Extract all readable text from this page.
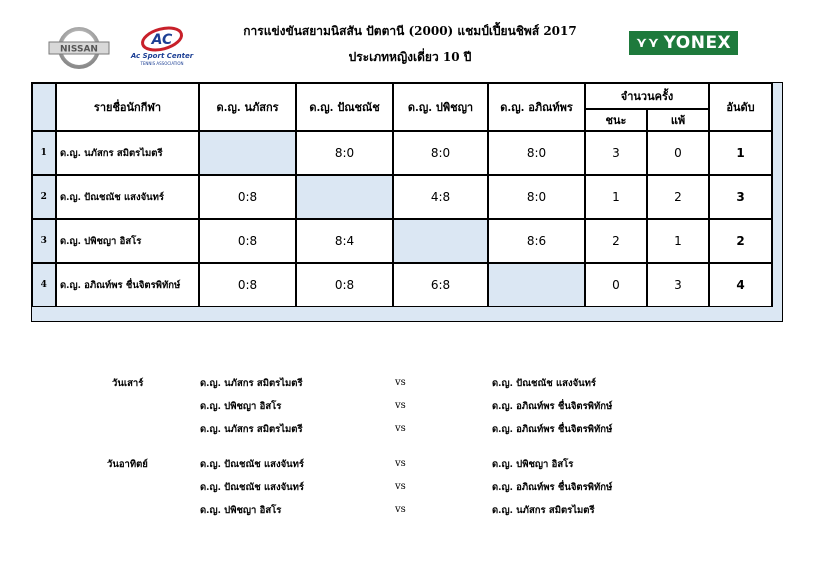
NISSAN
AC
Ac Sport Center
TENNIS ASSOCIATION
⋎⋎ YONEX
การแข่งขันสยามนิสสัน ปัตตานี (2000) แชมป์เปี้ยนชิพส์ 2017
ประเภทหญิงเดี่ยว 10 ปี
	รายชื่อนักกีฬา	ด.ญ. นภัสกร	ด.ญ. ปัณชณัช	ด.ญ. ปพิชญา	ด.ญ. อภิณท์พร	จำนวนครั้ง		อันดับ
						ชนะ	แพ้	
1	ด.ญ. นภัสกร สมิตรไมตรี		8:0	8:0	8:0	3	0	1
2	ด.ญ. ปัณชณัช แสงจันทร์	0:8		4:8	8:0	1	2	3
3	ด.ญ. ปพิชญา อิสโร	0:8	8:4		8:6	2	1	2
4	ด.ญ. อภิณท์พร ชื่นจิตรพิทักษ์	0:8	0:8	6:8		0	3	4
วันเสาร์	ด.ญ. นภัสกร สมิตรไมตรี	vs	ด.ญ. ปัณชณัช แสงจันทร์
ด.ญ. ปพิชญา อิสโร	vs	ด.ญ. อภิณท์พร ชื่นจิตรพิทักษ์
ด.ญ. นภัสกร สมิตรไมตรี	vs	ด.ญ. อภิณท์พร ชื่นจิตรพิทักษ์
วันอาทิตย์	ด.ญ. ปัณชณัช แสงจันทร์	vs	ด.ญ. ปพิชญา อิสโร
ด.ญ. ปัณชณัช แสงจันทร์	vs	ด.ญ. อภิณท์พร ชื่นจิตรพิทักษ์
ด.ญ. ปพิชญา อิสโร	vs	ด.ญ. นภัสกร สมิตรไมตรี
